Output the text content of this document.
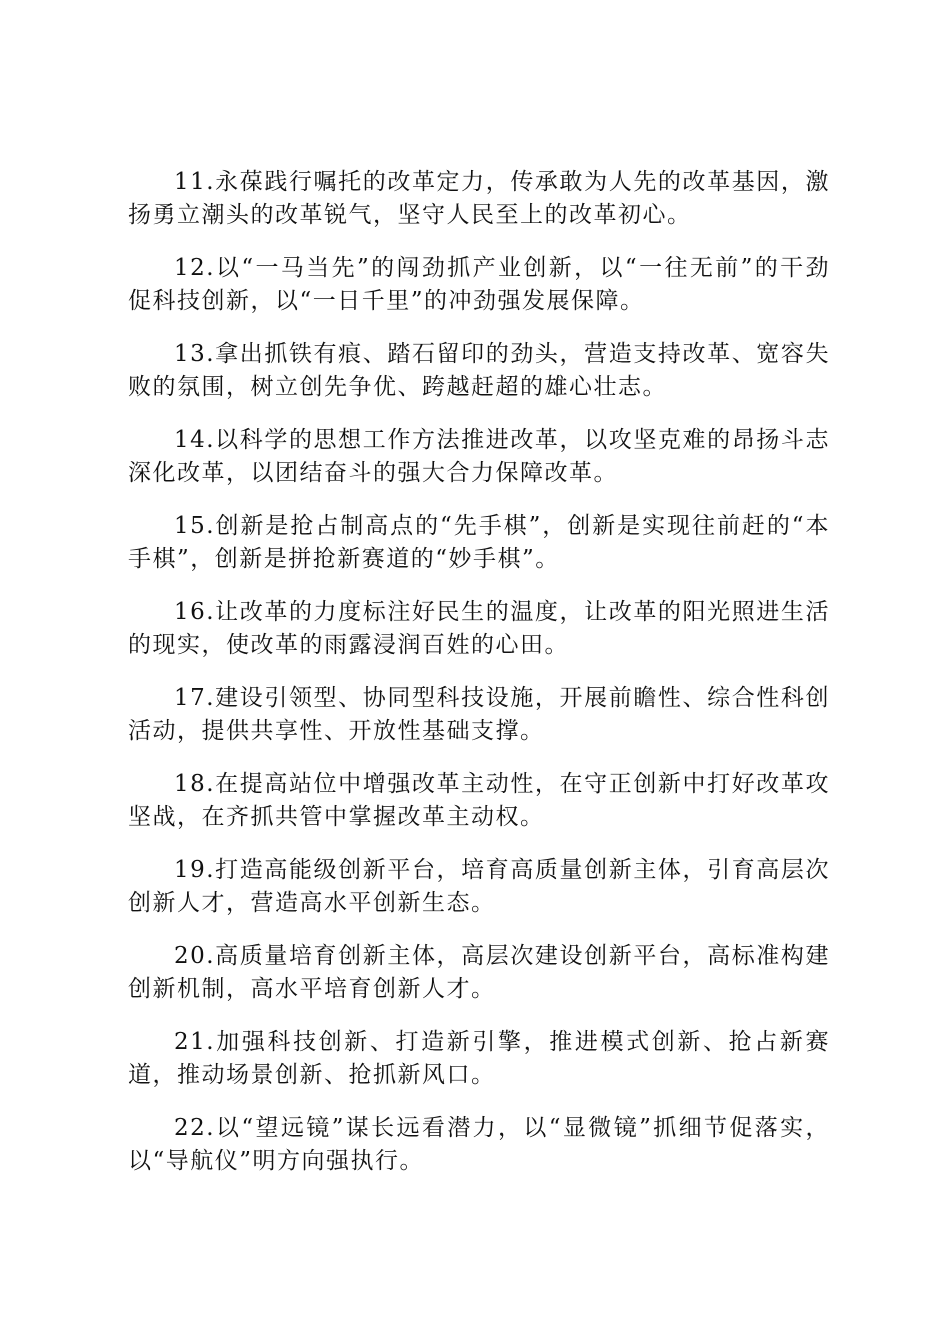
11.永葆践行嘱托的改革定力，传承敢为人先的改革基因，激扬勇立潮头的改革锐气，坚守人民至上的改革初心。

12.以“一马当先”的闯劲抓产业创新，以“一往无前”的干劲促科技创新，以“一日千里”的冲劲强发展保障。

13.拿出抓铁有痕、踏石留印的劲头，营造支持改革、宽容失败的氛围，树立创先争优、跨越赶超的雄心壮志。

14.以科学的思想工作方法推进改革，以攻坚克难的昂扬斗志深化改革，以团结奋斗的强大合力保障改革。

15.创新是抢占制高点的“先手棋”，创新是实现往前赶的“本手棋”，创新是拼抢新赛道的“妙手棋”。

16.让改革的力度标注好民生的温度，让改革的阳光照进生活的现实，使改革的雨露浸润百姓的心田。

17.建设引领型、协同型科技设施，开展前瞻性、综合性科创活动，提供共享性、开放性基础支撑。

18.在提高站位中增强改革主动性，在守正创新中打好改革攻坚战，在齐抓共管中掌握改革主动权。

19.打造高能级创新平台，培育高质量创新主体，引育高层次创新人才，营造高水平创新生态。

20.高质量培育创新主体，高层次建设创新平台，高标准构建创新机制，高水平培育创新人才。

21.加强科技创新、打造新引擎，推进模式创新、抢占新赛道，推动场景创新、抢抓新风口。

22.以“望远镜”谋长远看潜力，以“显微镜”抓细节促落实，以“导航仪”明方向强执行。
